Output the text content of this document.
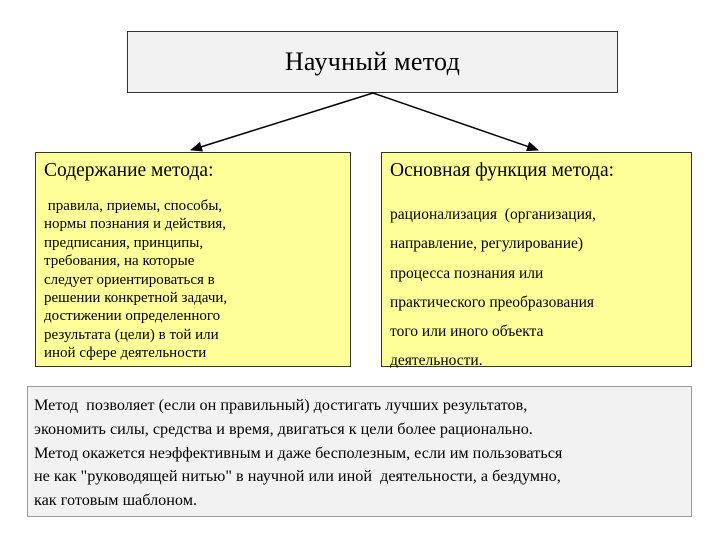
Научный метод
Содержание метода:
правила, приемы, способы,
нормы познания и действия,
предписания, принципы,
требования, на которые
следует ориентироваться в
решении конкретной задачи,
достижении определенного
результата (цели) в той или
иной сфере деятельности
Основная функция метода:
рационализация  (организация,
направление, регулирование)
процесса познания или
практического преобразования
того или иного объекта
деятельности.
Метод  позволяет (если он правильный) достигать лучших результатов,
экономить силы, средства и время, двигаться к цели более рационально.
Метод окажется неэффективным и даже бесполезным, если им пользоваться
не как "руководящей нитью" в научной или иной  деятельности, а бездумно,
как готовым шаблоном.
